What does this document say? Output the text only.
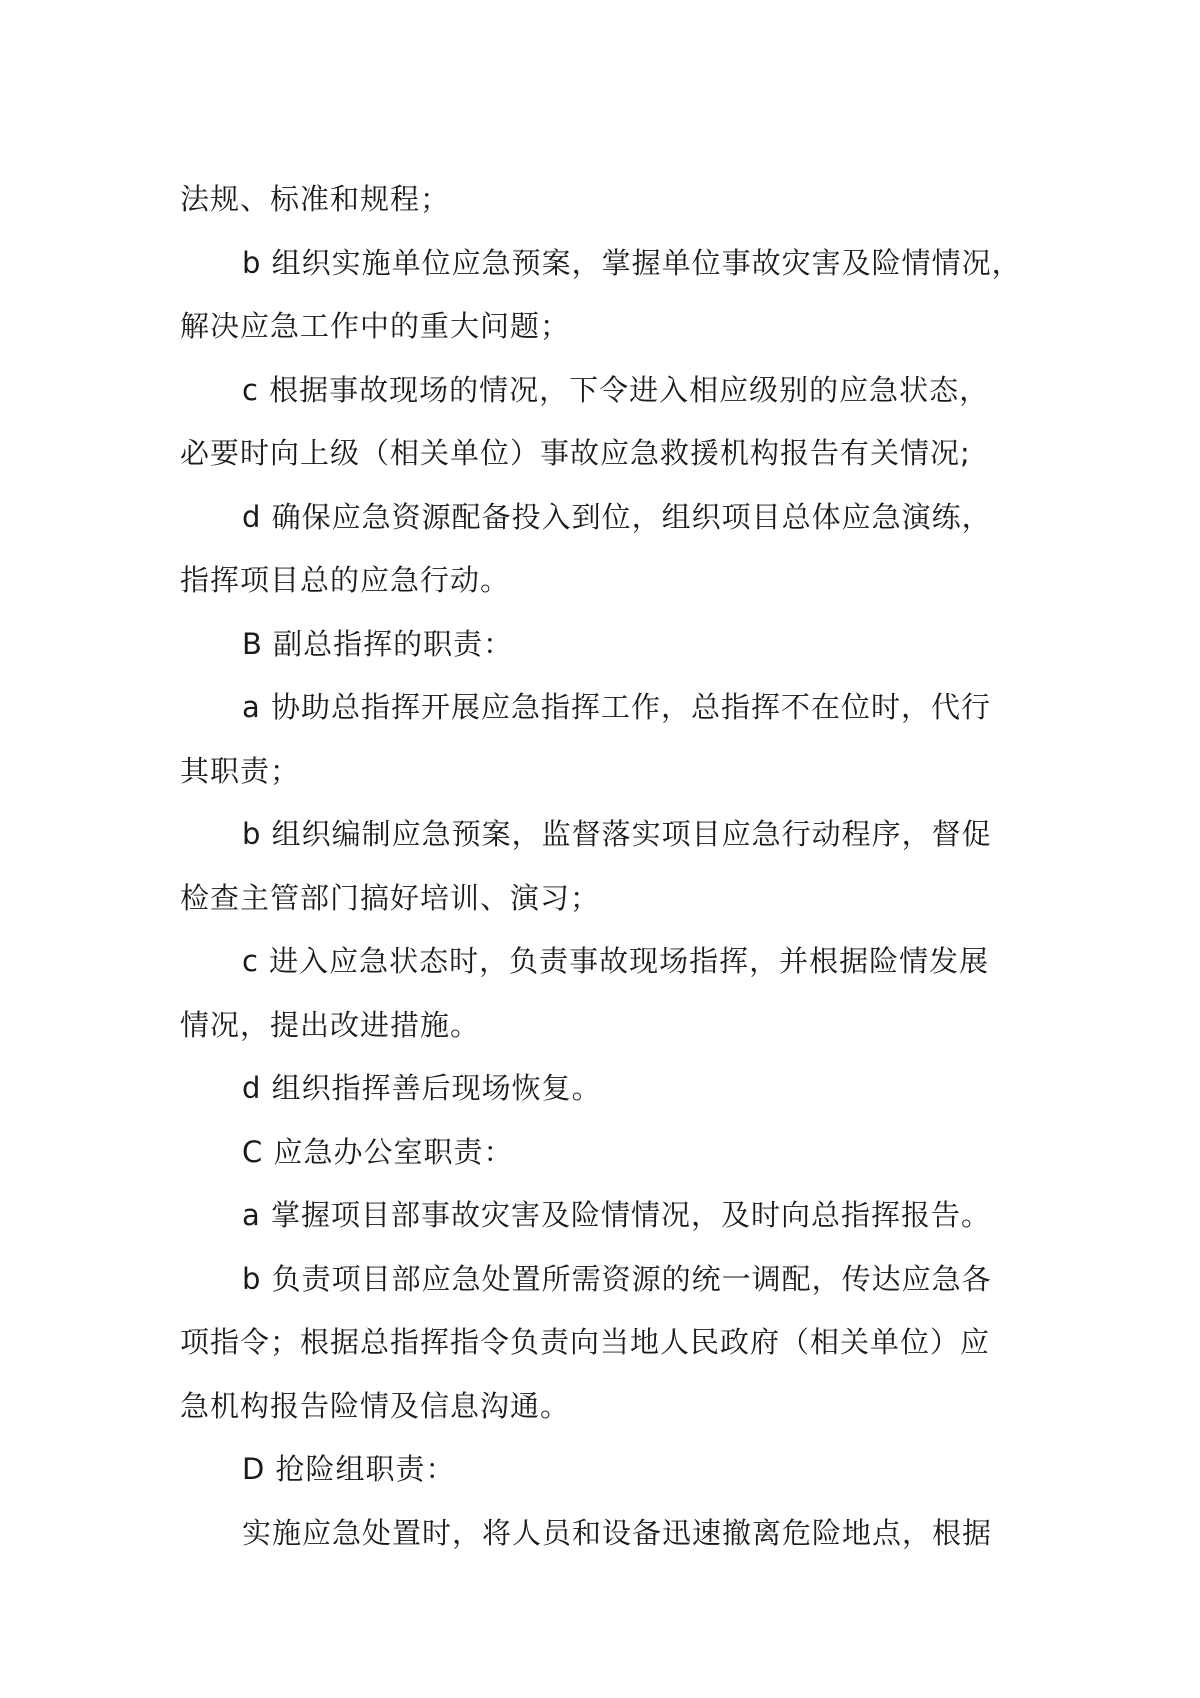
法规、标准和规程；
b 组织实施单位应急预案，掌握单位事故灾害及险情情况，
解决应急工作中的重大问题；
c 根据事故现场的情况，下令进入相应级别的应急状态，
必要时向上级（相关单位）事故应急救援机构报告有关情况;
d 确保应急资源配备投入到位，组织项目总体应急演练，
指挥项目总的应急行动。
B 副总指挥的职责：
a 协助总指挥开展应急指挥工作，总指挥不在位时，代行
其职责；
b 组织编制应急预案，监督落实项目应急行动程序，督促
检查主管部门搞好培训、演习；
c 进入应急状态时，负责事故现场指挥，并根据险情发展
情况，提出改进措施。
d 组织指挥善后现场恢复。
C 应急办公室职责：
a 掌握项目部事故灾害及险情情况，及时向总指挥报告。
b 负责项目部应急处置所需资源的统一调配，传达应急各
项指令；根据总指挥指令负责向当地人民政府（相关单位）应
急机构报告险情及信息沟通。
D 抢险组职责：
实施应急处置时，将人员和设备迅速撤离危险地点，根据
